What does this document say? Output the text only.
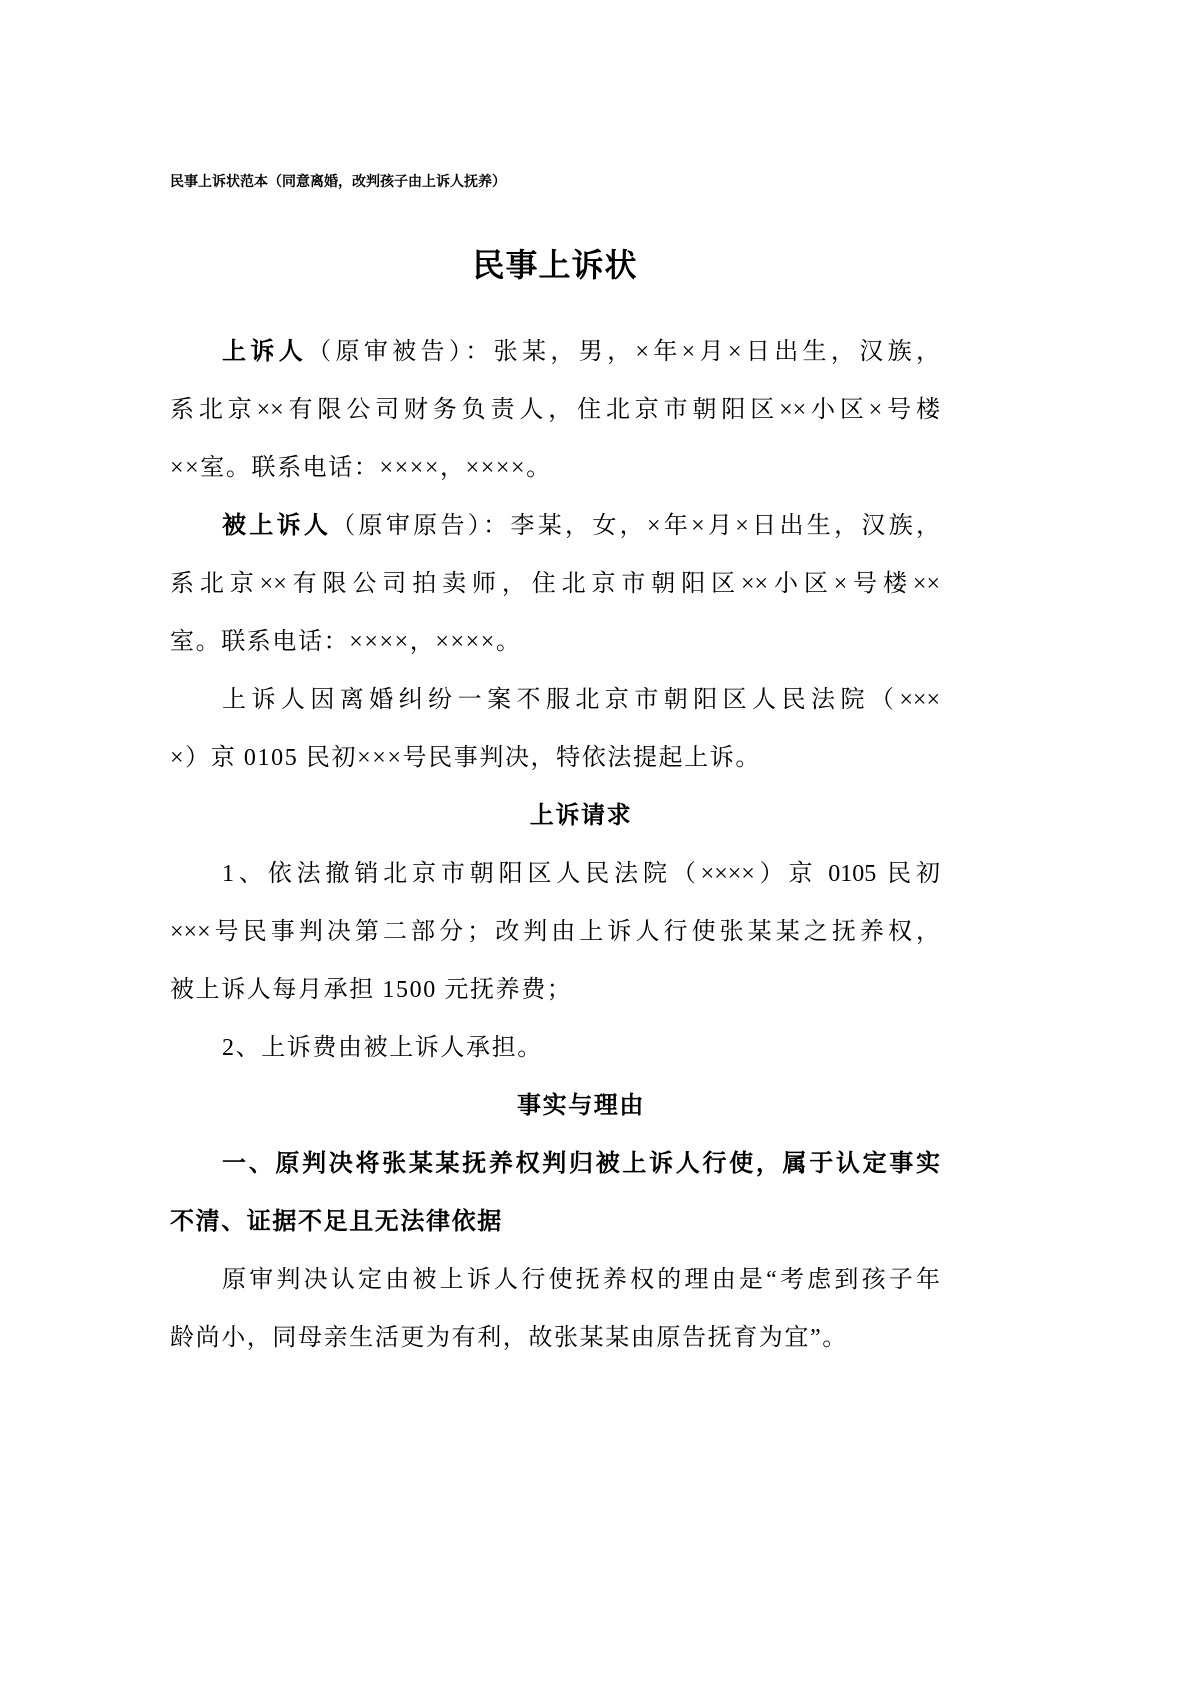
民事上诉状范本（同意离婚，改判孩子由上诉人抚养）
民事上诉状
上诉人（原审被告）：张某，男，×年×月×日出生，汉族，
系北京××有限公司财务负责人，住北京市朝阳区××小区×号楼
××室。联系电话：××××，××××。
被上诉人（原审原告）：李某，女，×年×月×日出生，汉族，
系北京××有限公司拍卖师，住北京市朝阳区××小区×号楼××
室。联系电话：××××，××××。
上诉人因离婚纠纷一案不服北京市朝阳区人民法院（×××
×）京 0105 民初×××号民事判决，特依法提起上诉。
上诉请求
1、依法撤销北京市朝阳区人民法院（××××）京 0105 民初
×××号民事判决第二部分；改判由上诉人行使张某某之抚养权，
被上诉人每月承担 1500 元抚养费；
2、上诉费由被上诉人承担。
事实与理由
一、原判决将张某某抚养权判归被上诉人行使，属于认定事实
不清、证据不足且无法律依据
原审判决认定由被上诉人行使抚养权的理由是“考虑到孩子年
龄尚小，同母亲生活更为有利，故张某某由原告抚育为宜”。
